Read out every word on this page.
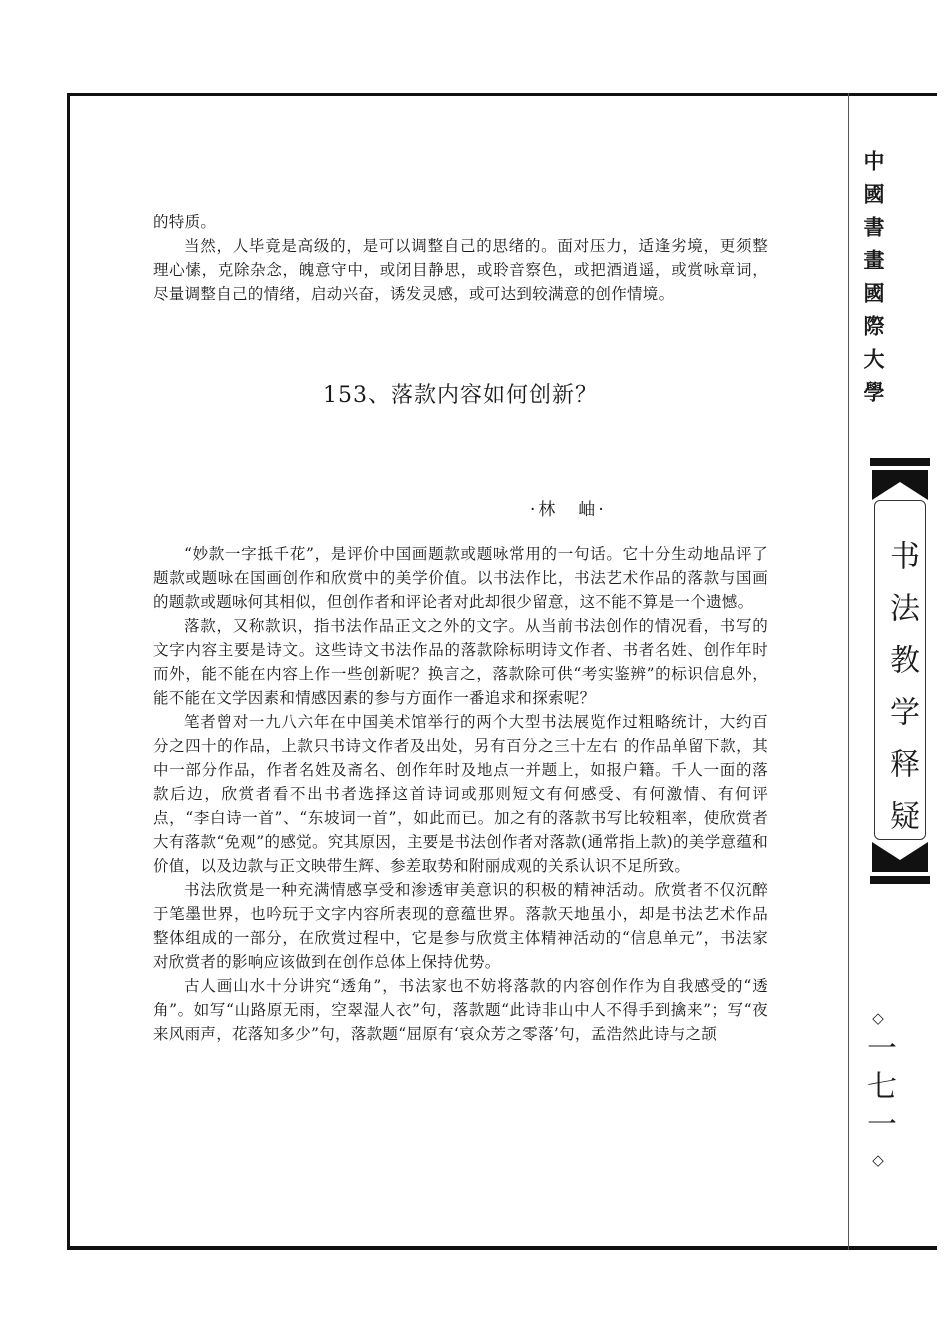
的特质。

当然，人毕竟是高级的，是可以调整自己的思绪的。面对压力，适逢劣境，更须整理心愫，克除杂念，魄意守中，或闭目静思，或聆音察色，或把酒逍遥，或赏咏章词，尽量调整自己的情绪，启动兴奋，诱发灵感，或可达到较满意的创作情境。

153、落款内容如何创新？
·林　岫·

“妙款一字抵千花”，是评价中国画题款或题咏常用的一句话。它十分生动地品评了题款或题咏在国画创作和欣赏中的美学价值。以书法作比，书法艺术作品的落款与国画的题款或题咏何其相似，但创作者和评论者对此却很少留意，这不能不算是一个遗憾。

落款，又称款识，指书法作品正文之外的文字。从当前书法创作的情况看，书写的文字内容主要是诗文。这些诗文书法作品的落款除标明诗文作者、书者名姓、创作年时而外，能不能在内容上作一些创新呢？换言之，落款除可供“考实鉴辨”的标识信息外，能不能在文学因素和情感因素的参与方面作一番追求和探索呢？

笔者曾对一九八六年在中国美术馆举行的两个大型书法展览作过粗略统计，大约百分之四十的作品，上款只书诗文作者及出处，另有百分之三十左右 的作品单留下款，其中一部分作品，作者名姓及斋名、创作年时及地点一并题上，如报户籍。千人一面的落款后边，欣赏者看不出书者选择这首诗词或那则短文有何感受、有何激情、有何评点，“李白诗一首”、“东坡词一首”，如此而已。加之有的落款书写比较粗率，使欣赏者大有落款“免观”的感觉。究其原因，主要是书法创作者对落款(通常指上款)的美学意蕴和价值，以及边款与正文映带生辉、参差取势和附丽成观的关系认识不足所致。

书法欣赏是一种充满情感享受和渗透审美意识的积极的精神活动。欣赏者不仅沉醉于笔墨世界，也吟玩于文字内容所表现的意蕴世界。落款天地虽小，却是书法艺术作品整体组成的一部分，在欣赏过程中，它是参与欣赏主体精神活动的“信息单元”，书法家对欣赏者的影响应该做到在创作总体上保持优势。

古人画山水十分讲究“透角”，书法家也不妨将落款的内容创作作为自我感受的“透角”。如写“山路原无雨，空翠湿人衣”句，落款题“此诗非山中人不得手到擒来”；写“夜来风雨声，花落知多少”句，落款题“屈原有‘哀众芳之零落’句，孟浩然此诗与之颉

中國書畫國際大學
书法教学释疑
◇
一七一
◇
